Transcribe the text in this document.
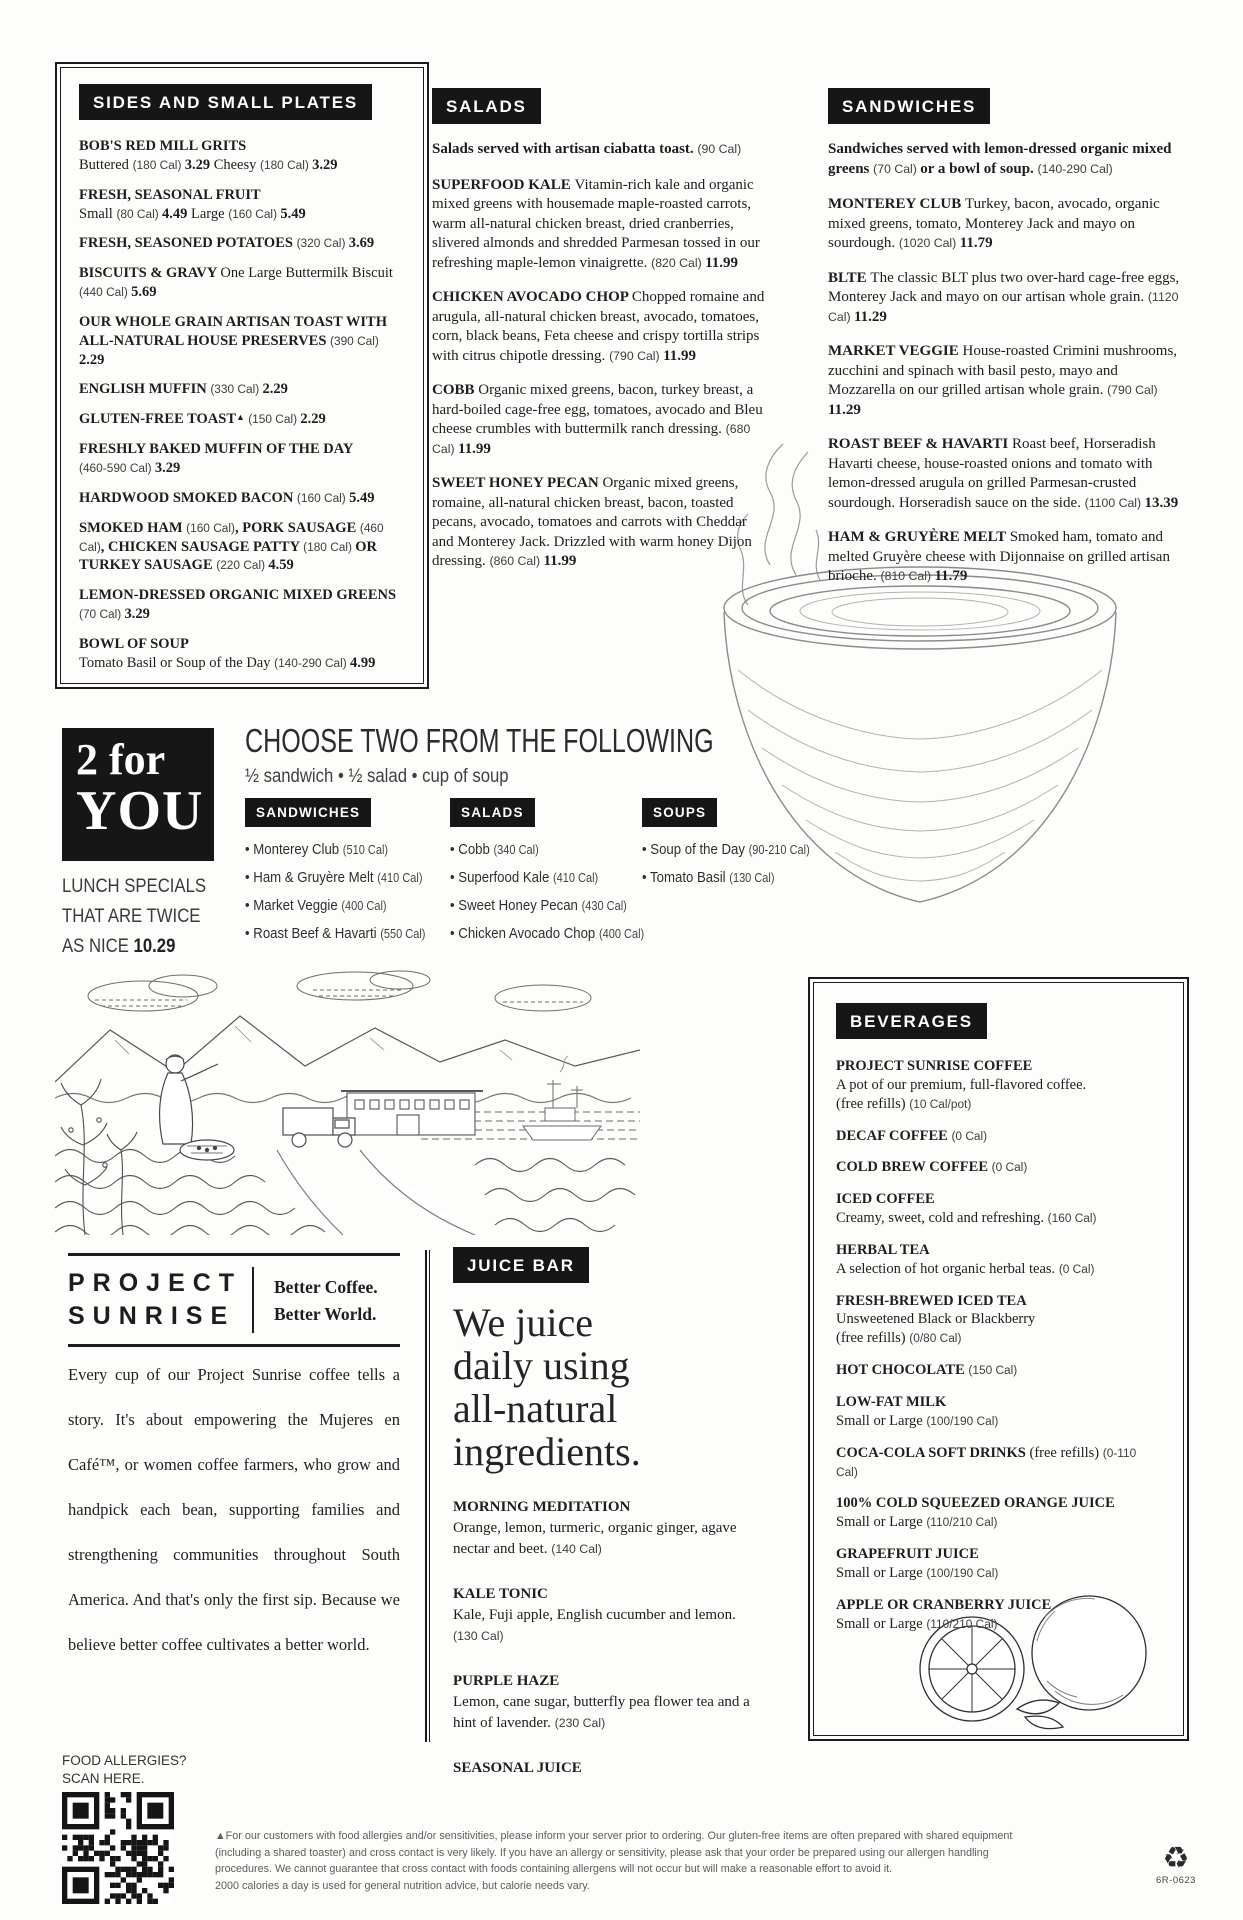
SIDES AND SMALL PLATES
BOB'S RED MILL GRITS
Buttered (180 Cal) 3.29 Cheesy (180 Cal) 3.29
FRESH, SEASONAL FRUIT
Small (80 Cal) 4.49 Large (160 Cal) 5.49
FRESH, SEASONED POTATOES (320 Cal) 3.69
BISCUITS & GRAVY One Large Buttermilk Biscuit (440 Cal) 5.69
OUR WHOLE GRAIN ARTISAN TOAST WITH ALL-NATURAL HOUSE PRESERVES (390 Cal) 2.29
ENGLISH MUFFIN (330 Cal) 2.29
GLUTEN-FREE TOAST▲ (150 Cal) 2.29
FRESHLY BAKED MUFFIN OF THE DAY
(460-590 Cal) 3.29
HARDWOOD SMOKED BACON (160 Cal) 5.49
SMOKED HAM (160 Cal), PORK SAUSAGE (460 Cal), CHICKEN SAUSAGE PATTY (180 Cal) OR TURKEY SAUSAGE (220 Cal) 4.59
LEMON-DRESSED ORGANIC MIXED GREENS (70 Cal) 3.29
BOWL OF SOUP
Tomato Basil or Soup of the Day (140-290 Cal) 4.99
SALADS
Salads served with artisan ciabatta toast. (90 Cal)
SUPERFOOD KALE Vitamin-rich kale and organic mixed greens with housemade maple-roasted carrots, warm all-natural chicken breast, dried cranberries, slivered almonds and shredded Parmesan tossed in our refreshing maple-lemon vinaigrette. (820 Cal) 11.99
CHICKEN AVOCADO CHOP Chopped romaine and arugula, all-natural chicken breast, avocado, tomatoes, corn, black beans, Feta cheese and crispy tortilla strips with citrus chipotle dressing. (790 Cal) 11.99
COBB Organic mixed greens, bacon, turkey breast, a hard-boiled cage-free egg, tomatoes, avocado and Bleu cheese crumbles with buttermilk ranch dressing. (680 Cal) 11.99
SWEET HONEY PECAN Organic mixed greens, romaine, all-natural chicken breast, bacon, toasted pecans, avocado, tomatoes and carrots with Cheddar and Monterey Jack. Drizzled with warm honey Dijon dressing. (860 Cal) 11.99
SANDWICHES
Sandwiches served with lemon-dressed organic mixed greens (70 Cal) or a bowl of soup. (140-290 Cal)
MONTEREY CLUB Turkey, bacon, avocado, organic mixed greens, tomato, Monterey Jack and mayo on sourdough. (1020 Cal) 11.79
BLTE The classic BLT plus two over-hard cage-free eggs, Monterey Jack and mayo on our artisan whole grain. (1120 Cal) 11.29
MARKET VEGGIE House-roasted Crimini mushrooms, zucchini and spinach with basil pesto, mayo and Mozzarella on our grilled artisan whole grain. (790 Cal) 11.29
ROAST BEEF & HAVARTI Roast beef, Horseradish Havarti cheese, house-roasted onions and tomato with lemon-dressed arugula on grilled Parmesan-crusted sourdough. Horseradish sauce on the side. (1100 Cal) 13.39
HAM & GRUYÈRE MELT Smoked ham, tomato and melted Gruyère cheese with Dijonnaise on grilled artisan brioche. (810 Cal) 11.79
2 for
YOU
CHOOSE TWO FROM THE FOLLOWING
½ sandwich • ½ salad • cup of soup
LUNCH SPECIALS
THAT ARE TWICE
AS NICE 10.29
SANDWICHES
• Monterey Club (510 Cal)
• Ham & Gruyère Melt (410 Cal)
• Market Veggie (400 Cal)
• Roast Beef & Havarti (550 Cal)
SALADS
• Cobb (340 Cal)
• Superfood Kale (410 Cal)
• Sweet Honey Pecan (430 Cal)
• Chicken Avocado Chop (400 Cal)
SOUPS
• Soup of the Day (90-210 Cal)
• Tomato Basil (130 Cal)
BEVERAGES
PROJECT SUNRISE COFFEE
A pot of our premium, full-flavored coffee.
(free refills) (10 Cal/pot)
DECAF COFFEE (0 Cal)
COLD BREW COFFEE (0 Cal)
ICED COFFEE
Creamy, sweet, cold and refreshing. (160 Cal)
HERBAL TEA
A selection of hot organic herbal teas. (0 Cal)
FRESH-BREWED ICED TEA
Unsweetened Black or Blackberry
(free refills) (0/80 Cal)
HOT CHOCOLATE (150 Cal)
LOW-FAT MILK
Small or Large (100/190 Cal)
COCA-COLA SOFT DRINKS (free refills) (0-110 Cal)
100% COLD SQUEEZED ORANGE JUICE
Small or Large (110/210 Cal)
GRAPEFRUIT JUICE
Small or Large (100/190 Cal)
APPLE OR CRANBERRY JUICE
Small or Large (110/210 Cal)
PROJECT
SUNRISE
Better Coffee.
Better World.
Every cup of our Project Sunrise coffee tells a story. It's about empowering the Mujeres en Café™, or women coffee farmers, who grow and handpick each bean, supporting families and strengthening communities throughout South America. And that's only the first sip. Because we believe better coffee cultivates a better world.
JUICE BAR
We juice
daily using
all-natural
ingredients.
MORNING MEDITATION
Orange, lemon, turmeric, organic ginger, agave nectar and beet. (140 Cal)
KALE TONIC
Kale, Fuji apple, English cucumber and lemon.
(130 Cal)
PURPLE HAZE
Lemon, cane sugar, butterfly pea flower tea and a hint of lavender. (230 Cal)
SEASONAL JUICE
FOOD ALLERGIES?
SCAN HERE.
▲For our customers with food allergies and/or sensitivities, please inform your server prior to ordering. Our gluten-free items are often prepared with shared equipment (including a shared toaster) and cross contact is very likely. If you have an allergy or sensitivity, please ask that your order be prepared using our allergen handling procedures. We cannot guarantee that cross contact with foods containing allergens will not occur but will make a reasonable effort to avoid it.
2000 calories a day is used for general nutrition advice, but calorie needs vary.
♻
6R-0623
